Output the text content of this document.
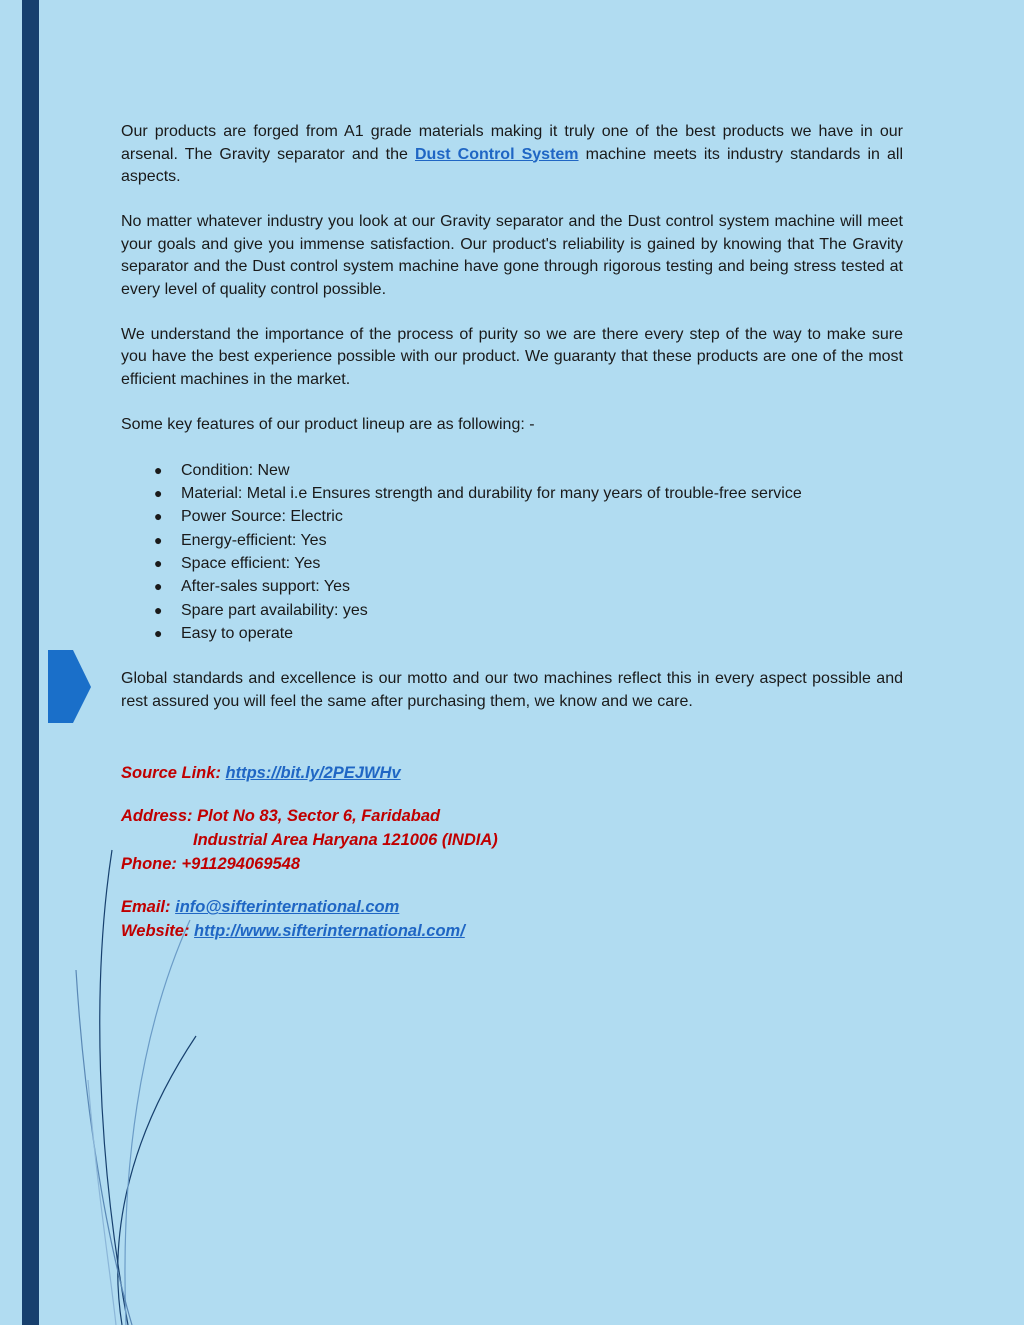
Our products are forged from A1 grade materials making it truly one of the best products we have in our arsenal. The Gravity separator and the Dust Control System machine meets its industry standards in all aspects.

No matter whatever industry you look at our Gravity separator and the Dust control system machine will meet your goals and give you immense satisfaction. Our product's reliability is gained by knowing that The Gravity separator and the Dust control system machine have gone through rigorous testing and being stress tested at every level of quality control possible.

We understand the importance of the process of purity so we are there every step of the way to make sure you have the best experience possible with our product. We guaranty that these products are one of the most efficient machines in the market.

Some key features of our product lineup are as following: -

● Condition: New
● Material: Metal i.e Ensures strength and durability for many years of trouble-free service
● Power Source: Electric
● Energy-efficient: Yes
● Space efficient: Yes
● After-sales support: Yes
● Spare part availability: yes
● Easy to operate

Global standards and excellence is our motto and our two machines reflect this in every aspect possible and rest assured you will feel the same after purchasing them, we know and we care.

Source Link: https://bit.ly/2PEJWHv

Address: Plot No 83, Sector 6, Faridabad

Industrial Area Haryana 121006 (INDIA)

Phone: +911294069548

Email: info@sifterinternational.com

Website: http://www.sifterinternational.com/
